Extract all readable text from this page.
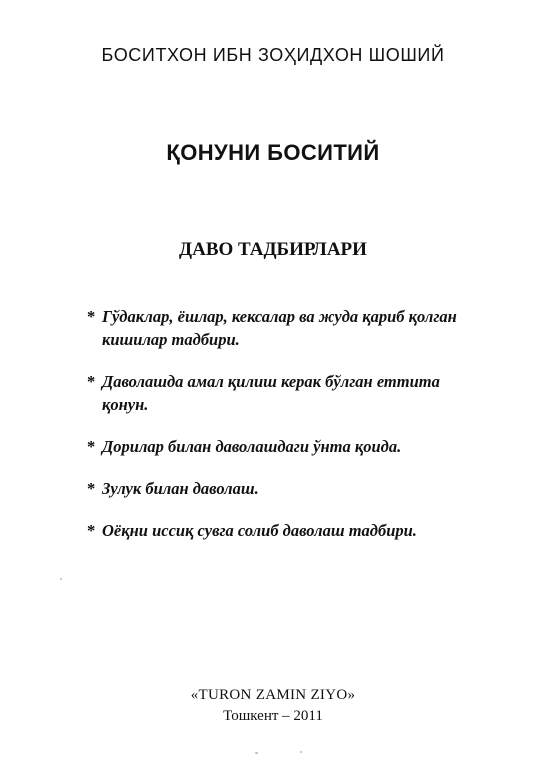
БОСИТХОН ИБН ЗОҲИДХОН ШОШИЙ
ҚОНУНИ БОСИТИЙ
ДАВО ТАДБИРЛАРИ
* Гўдаклар, ёшлар, кексалар ва жуда қариб қолган кишилар тадбири.
* Даволашда амал қилиш керак бўлган еттита қонун.
* Дорилар билан даволашдаги ўнта қоида.
* Зулук билан даволаш.
* Оёқни иссиқ сувга солиб даволаш тадбири.
«TURON ZAMIN ZIYO»
Тошкент – 2011
